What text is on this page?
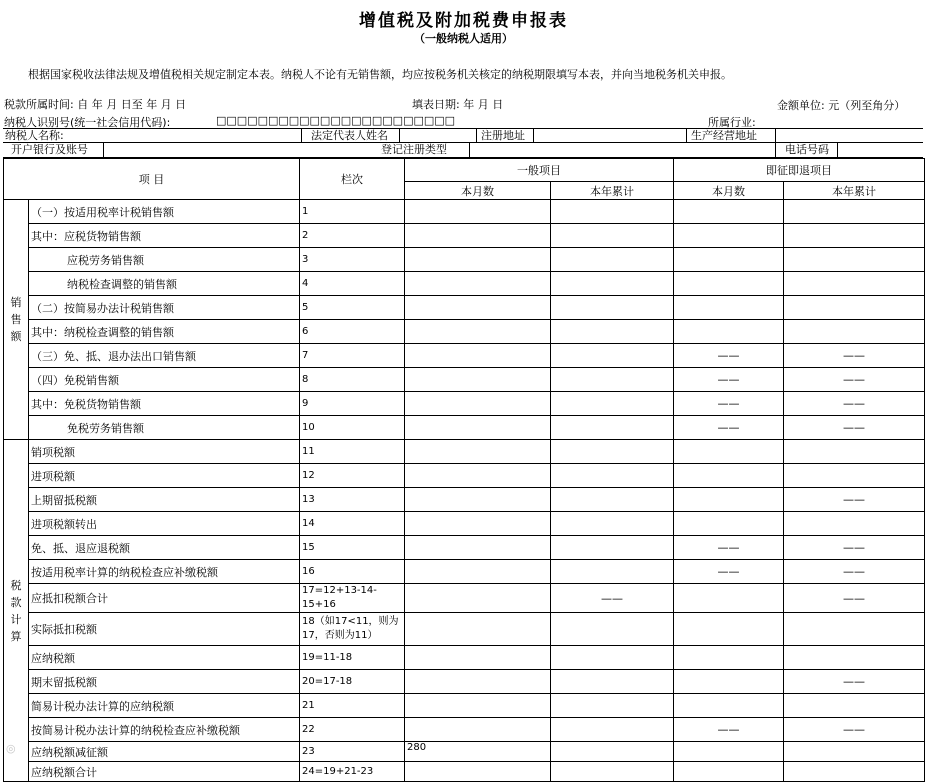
增值税及附加税费申报表
（一般纳税人适用）
根据国家税收法律法规及增值税相关规定制定本表。纳税人不论有无销售额，均应按税务机关核定的纳税期限填写本表，并向当地税务机关申报。
税款所属时间: 自 年 月 日至 年 月 日	填表日期: 年 月 日	金额单位: 元（列至角分）
纳税人识别号(统一社会信用代码):	□□□□□□□□□□□□□□□□□□□□□□□	所属行业:
纳税人名称:	法定代表人姓名	注册地址	生产经营地址
开户银行及账号	登记注册类型	电话号码
项 目		栏次	一般项目		即征即退项目	
			本月数	本年累计	本月数	本年累计
销售额	（一）按适用税率计税销售额	1				
	其中：应税货物销售额	2				
	应税劳务销售额	3				
	纳税检查调整的销售额	4				
	（二）按简易办法计税销售额	5				
	其中：纳税检查调整的销售额	6				
	（三）免、抵、退办法出口销售额	7			——	——
	（四）免税销售额	8			——	——
	其中：免税货物销售额	9			——	——
	免税劳务销售额	10			——	——
税款计算	销项税额	11				
	进项税额	12				
	上期留抵税额	13				——
	进项税额转出	14				
	免、抵、退应退税额	15			——	——
	按适用税率计算的纳税检查应补缴税额	16			——	——
	应抵扣税额合计	17=12+13-14-15+16		——		——
	实际抵扣税额	18（如17<11，则为17，否则为11）				
	应纳税额	19=11-18				
	期末留抵税额	20=17-18				——
	简易计税办法计算的应纳税额	21				
	按简易计税办法计算的纳税检查应补缴税额	22			——	——
	应纳税额减征额	23	280			
	应纳税额合计	24=19+21-23				
◎
